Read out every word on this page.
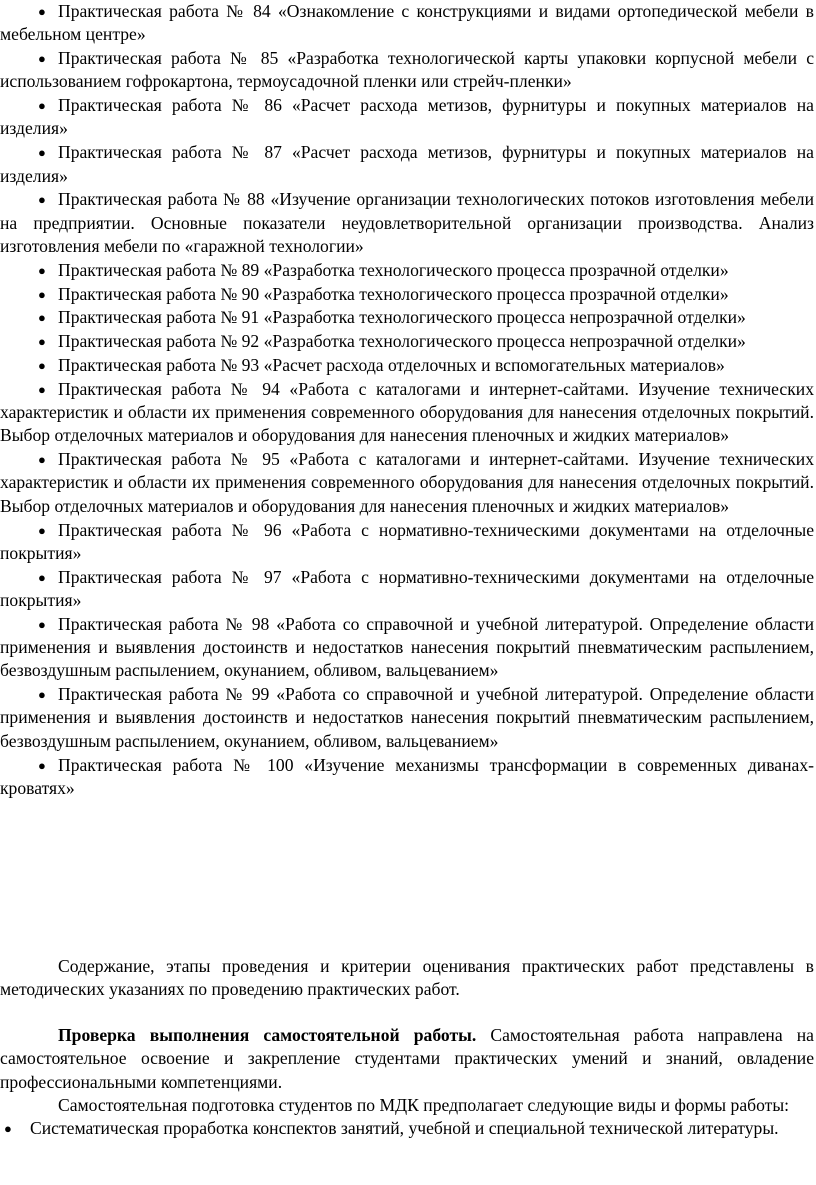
● Практическая работа № 84 «Ознакомление с конструкциями и видами ортопедической мебели в мебельном центре»

● Практическая работа № 85 «Разработка технологической карты упаковки корпусной мебели с использованием гофрокартона, термоусадочной пленки или стрейч-пленки»

● Практическая работа № 86 «Расчет расхода метизов, фурнитуры и покупных материалов на изделия»

● Практическая работа № 87 «Расчет расхода метизов, фурнитуры и покупных материалов на изделия»

● Практическая работа № 88 «Изучение организации технологических потоков изготовления мебели на предприятии. Основные показатели неудовлетворительной организации производства. Анализ изготовления мебели по «гаражной технологии»

● Практическая работа № 89 «Разработка технологического процесса прозрачной отделки»

● Практическая работа № 90 «Разработка технологического процесса прозрачной отделки»

● Практическая работа № 91 «Разработка технологического процесса непрозрачной отделки»

● Практическая работа № 92 «Разработка технологического процесса непрозрачной отделки»

● Практическая работа № 93 «Расчет расхода отделочных и вспомогательных материалов»

● Практическая работа № 94 «Работа с каталогами и интернет-сайтами. Изучение технических характеристик и области их применения современного оборудования для нанесения отделочных покрытий. Выбор отделочных материалов и оборудования для нанесения пленочных и жидких материалов»

● Практическая работа № 95 «Работа с каталогами и интернет-сайтами. Изучение технических характеристик и области их применения современного оборудования для нанесения отделочных покрытий. Выбор отделочных материалов и оборудования для нанесения пленочных и жидких материалов»

● Практическая работа № 96 «Работа с нормативно-техническими документами на отделочные покрытия»

● Практическая работа № 97 «Работа с нормативно-техническими документами на отделочные покрытия»

● Практическая работа № 98 «Работа со справочной и учебной литературой. Определение области применения и выявления достоинств и недостатков нанесения покрытий пневматическим распылением, безвоздушным распылением, окунанием, обливом, вальцеванием»

● Практическая работа № 99 «Работа со справочной и учебной литературой. Определение области применения и выявления достоинств и недостатков нанесения покрытий пневматическим распылением, безвоздушным распылением, окунанием, обливом, вальцеванием»

● Практическая работа № 100 «Изучение механизмы трансформации в современных диванах-кроватях»

Содержание, этапы проведения и критерии оценивания практических работ представлены в методических указаниях по проведению практических работ.

Проверка выполнения самостоятельной работы. Самостоятельная работа направлена на самостоятельное освоение и закрепление студентами практических умений и знаний, овладение профессиональными компетенциями.

Самостоятельная подготовка студентов по МДК предполагает следующие виды и формы работы:

●	Систематическая проработка конспектов занятий, учебной и специальной технической литературы.
